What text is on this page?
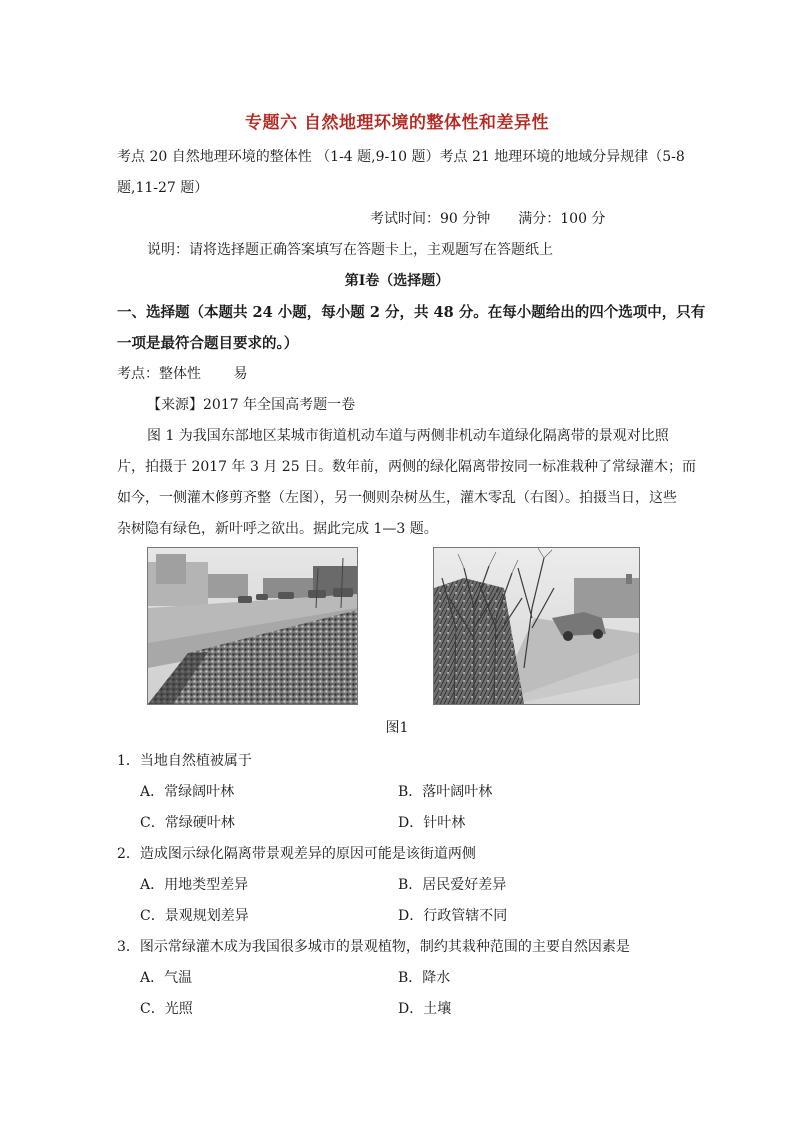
专题六 自然地理环境的整体性和差异性
考点 20 自然地理环境的整体性 （1-4 题,9-10 题）考点 21 地理环境的地域分异规律（5-8
题,11-27 题）
考试时间：90 分钟　　满分：100 分
说明：请将选择题正确答案填写在答题卡上，主观题写在答题纸上
第Ⅰ卷（选择题）
一、选择题（本题共 24 小题，每小题 2 分，共 48 分。在每小题给出的四个选项中，只有
一项是最符合题目要求的。）
考点：整体性　　 易
【来源】2017 年全国高考题一卷
图 1 为我国东部地区某城市街道机动车道与两侧非机动车道绿化隔离带的景观对比照
片，拍摄于 2017 年 3 月 25 日。数年前，两侧的绿化隔离带按同一标准栽种了常绿灌木；而
如今，一侧灌木修剪齐整（左图），另一侧则杂树丛生，灌木零乱（右图）。拍摄当日，这些
杂树隐有绿色，新叶呼之欲出。据此完成 1—3 题。
图1
1．当地自然植被属于
A．常绿阔叶林	B．落叶阔叶林
C．常绿硬叶林	D．针叶林
2．造成图示绿化隔离带景观差异的原因可能是该街道两侧
A．用地类型差异	B．居民爱好差异
C．景观规划差异	D．行政管辖不同
3．图示常绿灌木成为我国很多城市的景观植物，制约其栽种范围的主要自然因素是
A．气温	B．降水
C．光照	D．土壤
